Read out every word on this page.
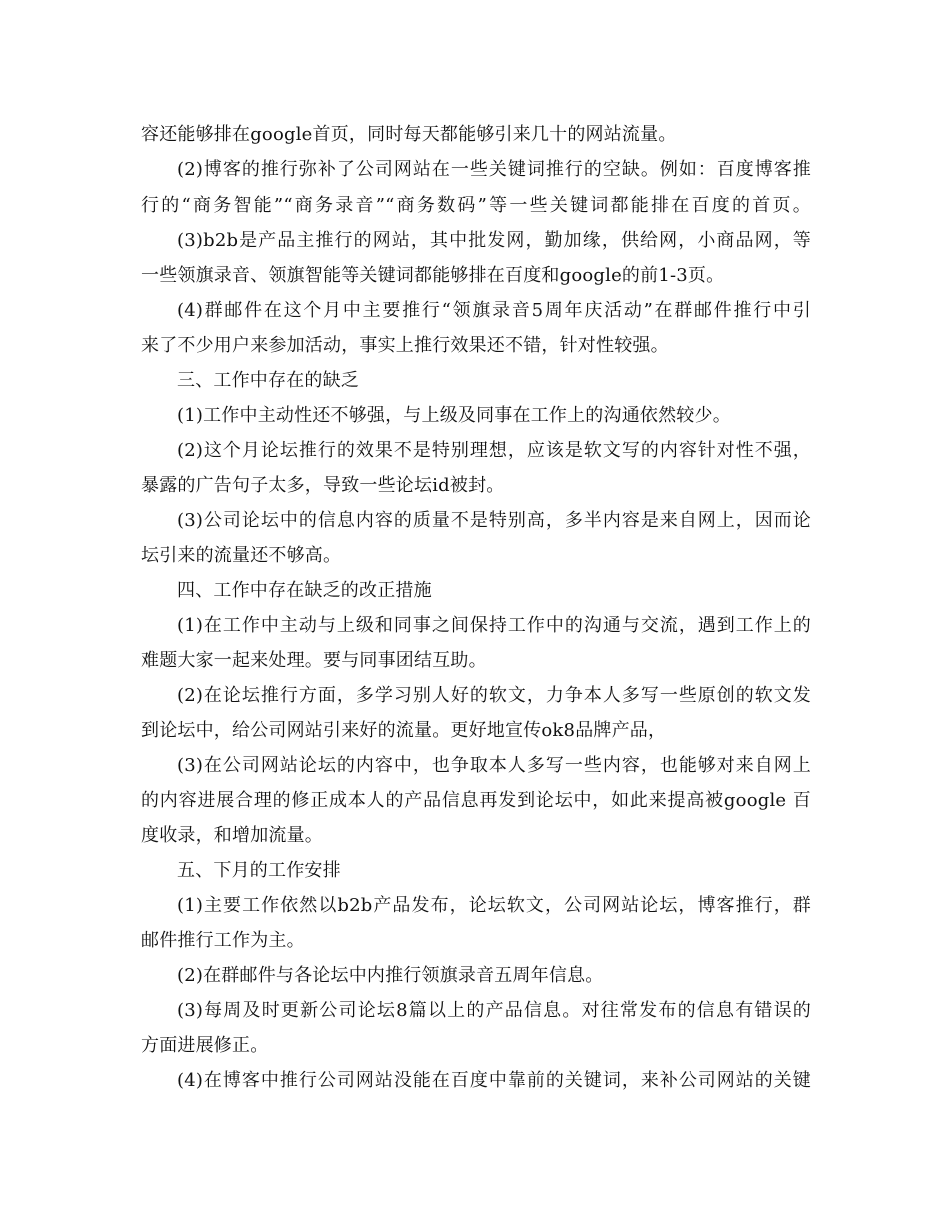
容还能够排在google首页，同时每天都能够引来几十的网站流量。
(2)博客的推行弥补了公司网站在一些关键词推行的空缺。例如：百度博客推
行的“商务智能”“商务录音”“商务数码”等一些关键词都能排在百度的首页。
(3)b2b是产品主推行的网站，其中批发网，勤加缘，供给网，小商品网，等
一些领旗录音、领旗智能等关键词都能够排在百度和google的前1-3页。
(4)群邮件在这个月中主要推行“领旗录音5周年庆活动”在群邮件推行中引
来了不少用户来参加活动，事实上推行效果还不错，针对性较强。
三、工作中存在的缺乏
(1)工作中主动性还不够强，与上级及同事在工作上的沟通依然较少。
(2)这个月论坛推行的效果不是特别理想，应该是软文写的内容针对性不强，
暴露的广告句子太多，导致一些论坛id被封。
(3)公司论坛中的信息内容的质量不是特别高，多半内容是来自网上，因而论
坛引来的流量还不够高。
四、工作中存在缺乏的改正措施
(1)在工作中主动与上级和同事之间保持工作中的沟通与交流，遇到工作上的
难题大家一起来处理。要与同事团结互助。
(2)在论坛推行方面，多学习别人好的软文，力争本人多写一些原创的软文发
到论坛中，给公司网站引来好的流量。更好地宣传ok8品牌产品，
(3)在公司网站论坛的内容中，也争取本人多写一些内容，也能够对来自网上
的内容进展合理的修正成本人的产品信息再发到论坛中，如此来提高被google 百
度收录，和增加流量。
五、下月的工作安排
(1)主要工作依然以b2b产品发布，论坛软文，公司网站论坛，博客推行，群
邮件推行工作为主。
(2)在群邮件与各论坛中内推行领旗录音五周年信息。
(3)每周及时更新公司论坛8篇以上的产品信息。对往常发布的信息有错误的
方面进展修正。
(4)在博客中推行公司网站没能在百度中靠前的关键词，来补公司网站的关键
